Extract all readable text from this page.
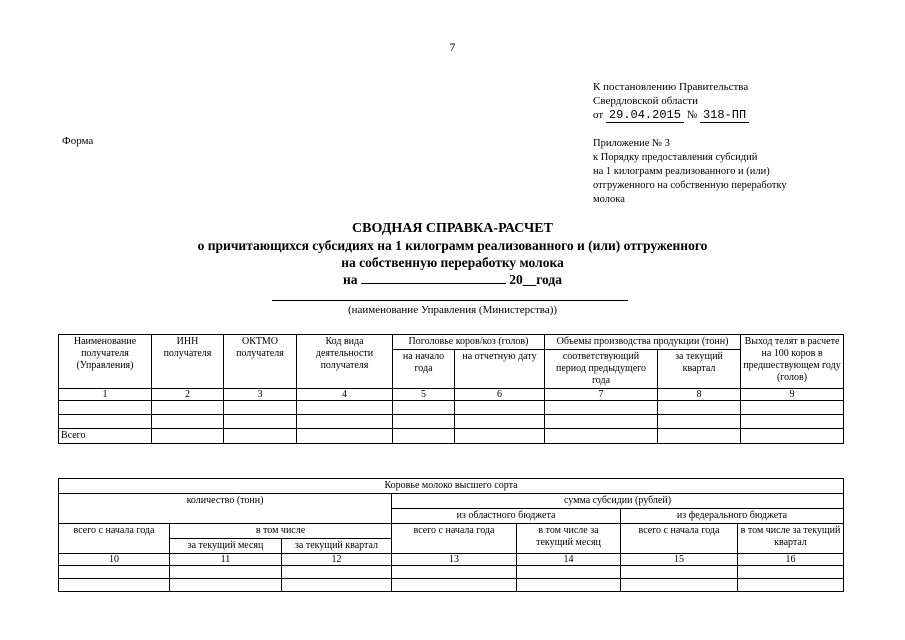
7
К постановлению Правительства
Свердловской области
от 29.04.2015 № 318-ПП
Форма	Приложение № 3
к Порядку предоставления субсидий
на 1 килограмм реализованного и (или)
отгруженного на собственную переработку
молока
СВОДНАЯ СПРАВКА-РАСЧЕТ
о причитающихся субсидиях на 1 килограмм реализованного и (или) отгруженного
на собственную переработку молока
на	20__года
(наименование Управления (Министерства))
Наименование получателя (Управления)	ИНН получателя	ОКТМО получателя	Код вида деятельности получателя	Поголовье коров/коз (голов)		Объемы производства продукции (тонн)		Выход телят в расчете на 100 коров в предшествующем году (голов)
				на начало года	на отчетную дату	соответствующий период предыдущего года	за текущий квартал	
1	2	3	4	5	6	7	8	9

Всего								
Коровье молоко высшего сорта						
количество (тонн)			сумма субсидии (рублей)			
			из областного бюджета		из федерального бюджета	
всего с начала года	в том числе		всего с начала года	в том числе за текущий месяц	всего с начала года	в том числе за текущий квартал
	за текущий месяц	за текущий квартал				
10	11	12	13	14	15	16
